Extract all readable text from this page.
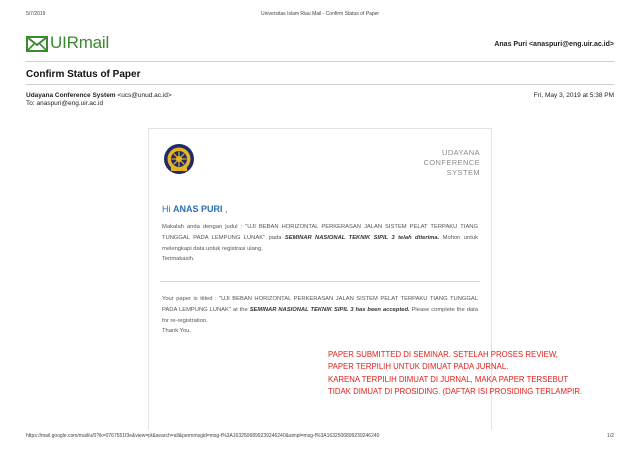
5/7/2019	Universitas Islam Riau Mail - Confirm Status of Paper
UIRmail	Anas Puri <anaspuri@eng.uir.ac.id>
Confirm Status of Paper
Udayana Conference System <ucs@unud.ac.id>
To: anaspuri@eng.uir.ac.id
Fri, May 3, 2019 at 5:38 PM
UDAYANA
CONFERENCE
SYSTEM
Hi ANAS PURI ,
Makalah anda dengan judul : "UJI BEBAN HORIZONTAL PERKERASAN JALAN SISTEM PELAT TERPAKU TIANG TUNGGAL PADA LEMPUNG LUNAK" pada SEMINAR NASIONAL TEKNIK SIPIL 3 telah diterima. Mohon untuk melengkapi data untuk registrasi ulang.
Terimakasih.
Your paper is titled : "UJI BEBAN HORIZONTAL PERKERASAN JALAN SISTEM PELAT TERPAKU TIANG TUNGGAL PADA LEMPUNG LUNAK" at the SEMINAR NASIONAL TEKNIK SIPIL 3 has been accepted. Please complete the data for re-registration.
Thank You.
PAPER SUBMITTED DI SEMINAR. SETELAH PROSES REVIEW,
PAPER TERPILIH UNTUK DIMUAT PADA JURNAL.
KARENA TERPILIH DIMUAT DI JURNAL, MAKA PAPER TERSEBUT
TIDAK DIMUAT DI PROSIDING. (DAFTAR ISI PROSIDING TERLAMPIR.
https://mail.google.com/mail/u/0?ik=0767551f3e&view=pt&search=all&permmsgid=msg-f%3A1632506899239246240&simpl=msg-f%3A1632506899239246240	1/2
